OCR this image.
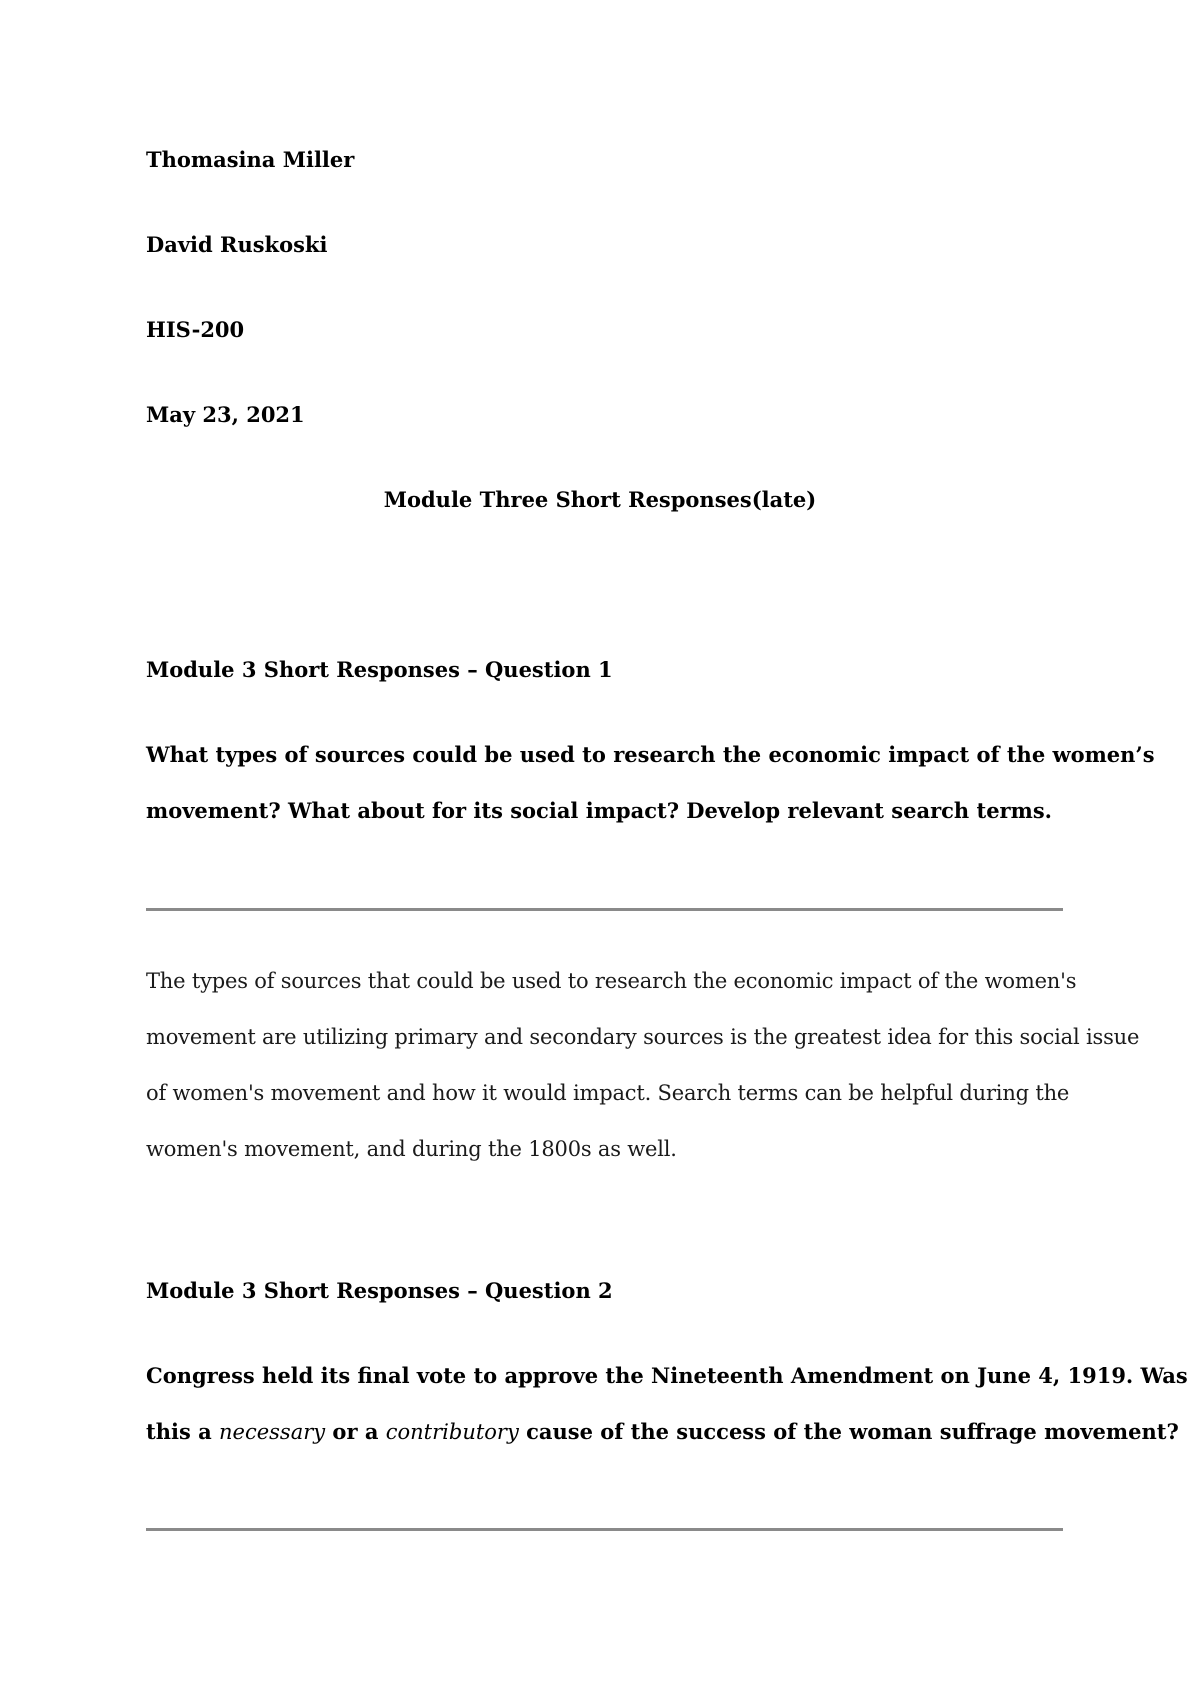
Thomasina Miller

David Ruskoski

HIS-200

May 23, 2021

Module Three Short Responses(late)

Module 3 Short Responses – Question 1

What types of sources could be used to research the economic impact of the women’s

movement? What about for its social impact? Develop relevant search terms.

The types of sources that could be used to research the economic impact of the women's

movement are utilizing primary and secondary sources is the greatest idea for this social issue

of women's movement and how it would impact. Search terms can be helpful during the

women's movement, and during the 1800s as well.

Module 3 Short Responses – Question 2

Congress held its final vote to approve the Nineteenth Amendment on June 4, 1919. Was

this a necessary or a contributory cause of the success of the woman suffrage movement?
